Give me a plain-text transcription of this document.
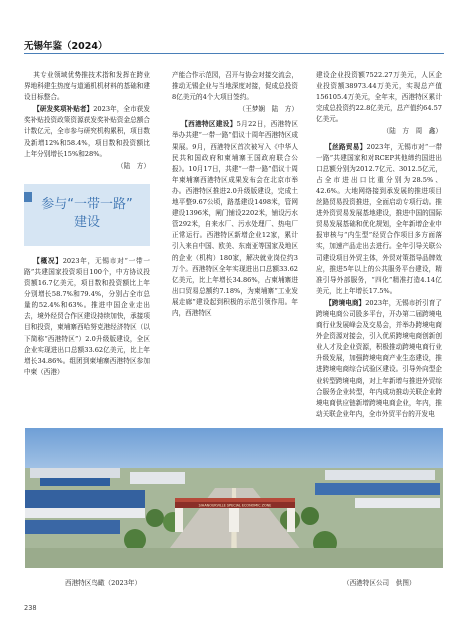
无锡年鉴（2024）

其专业领域优势推技术指和发挥在跨业界地科建生热度与道通机机材料的基础和建设目标整合。

【研发奖项补贴者】2023年，全市获发奖补贴投资政策资源获发奖补贴资金总额合计数亿元，全市参与研究机构累积，项目数及新增12%和58.4%，项目数和投资额比上年分别增长15%和28%。

（陆　方）

参与“一带一路”
建设

【概况】2023年，无锡市对“一带一路”共建国家投资项目100个，中方协议投资额16.7亿美元，项目数和投资额比上年分别增长58.7%和79.4%，分别占全市总量的52.4%和63%。推进中国企业走出去，境外经贸合作区建设持续加快，承接项目和投资，柬埔寨西哈努克港经济特区（以下简称“西港特区”）2.0升级版建设，全区企业实现进出口总额33.62亿美元，比上年增长34.86%。组团到柬埔寨西港特区参加中柬（西港）

产能合作示范园，召开与协会对接交流会，推动无锡企业与当地深度对接，促成总投资8亿美元的4个大项目签约。

（王梦娴　陆　方）

【西港特区建设】5月22日，西港特区举办共建“一带一路”倡议十周年西港特区成果展。9月，西港特区首次被写入《中华人民共和国政府和柬埔寨王国政府联合公报》。10月17日，共建“一带一路”倡议十周年柬埔寨西港特区成果发布会在北京市举办。西港特区推进2.0升级版建设，完成土地平整9.67公顷，路基建设1498米，管网建设1396米，闸门铺设2202米，铺设污水管292米，自来水厂、污水处理厂、热电厂正常运行。西港特区新增企业12家，累计引入来自中国、欧美、东南亚等国家及地区的企业（机构）180家，解决就业岗位约3万个。西港特区全年实现进出口总额33.62亿美元，比上年增长34.86%，占柬埔寨进出口贸易总额约7.18%，为柬埔寨“工业发展走廊”建设起到积极的示范引领作用。年内，西港特区

建设企业投资额7522.27万美元，人区企业投资额38973.44万美元，实现总产值156105.4万美元，全年末，西港特区累计完成总投资约22.8亿美元，总产值约64.57亿美元。

（陆　方　周　鑫）

【丝路贸易】2023年，无锡市对“一带一路”共建国家和对RCEP其他缔约国进出口总额分别为2012.7亿元、3012.5亿元，占全市进出口比重分别为28.5%、42.6%。大地网络接到承发展的推进项目丝路贸易投资推进，全面启动专项行动。推进外资贸易发展基地建设，推进中国的国际贸易发展基础和优化规划，全年新增企业申报审核与“内生型”经贸合作项目多方面落实，加速产品走出去进行。全年引导关联公司建设项目外贸主体，外贸对策指导品牌效应，推进5年以上的公共服务平台建设，精准引导外部服务，“四化”精准打造4.14亿美元，比上年增长17.5%。

【跨境电商】2023年，无锡市折引育了跨境电商公司股多平台，开办第二届跨境电商行业发展峰会及交易会，并举办跨境电商外企资源对接会，引入优质跨境电商创新创业人才及企业资源，积极推动跨境电商行业升级发展，加强跨境电商产业生态建设，推进跨境电商综合试验区建设。引导外向型企业转型跨境电商，对上年新增与推进外贸综合服务企业转型，年内成功推动关联企业跨境电商供应链新增跨境电商企业，年内，推动关联企业年内，全市外贸平台的开发电

SIHANOUKVILLE SPECIAL ECONOMIC ZONE
西港特区鸟瞰（2023年）	（西港特区公司　供图）
238
